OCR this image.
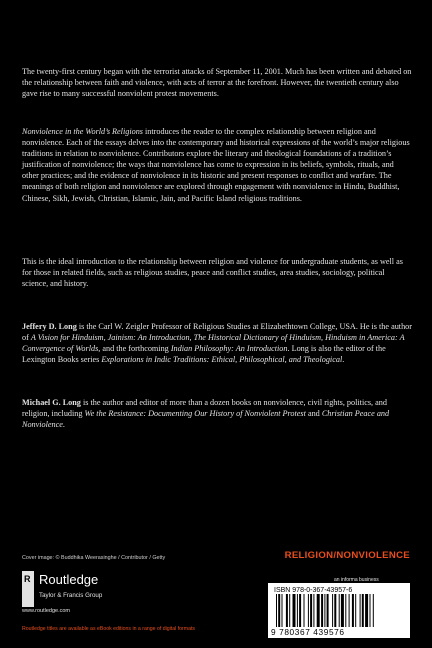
The twenty-first century began with the terrorist attacks of September 11, 2001. Much has been written and debated on the relationship between faith and violence, with acts of terror at the forefront. However, the twentieth century also gave rise to many successful nonviolent protest movements.

Nonviolence in the World’s Religions introduces the reader to the complex relationship between religion and nonviolence. Each of the essays delves into the contemporary and historical expressions of the world’s major religious traditions in relation to nonviolence. Contributors explore the literary and theological foundations of a tradition’s justification of nonviolence; the ways that nonviolence has come to expression in its beliefs, symbols, rituals, and other practices; and the evidence of nonviolence in its historic and present responses to conflict and warfare. The meanings of both religion and nonviolence are explored through engagement with nonviolence in Hindu, Buddhist, Chinese, Sikh, Jewish, Christian, Islamic, Jain, and Pacific Island religious traditions.

This is the ideal introduction to the relationship between religion and violence for undergraduate students, as well as for those in related fields, such as religious studies, peace and conflict studies, area studies, sociology, political science, and history.

Jeffery D. Long is the Carl W. Zeigler Professor of Religious Studies at Elizabethtown College, USA. He is the author of A Vision for Hinduism, Jainism: An Introduction, The Historical Dictionary of Hinduism, Hinduism in America: A Convergence of Worlds, and the forthcoming Indian Philosophy: An Introduction. Long is also the editor of the Lexington Books series Explorations in Indic Traditions: Ethical, Philosophical, and Theological.

Michael G. Long is the author and editor of more than a dozen books on nonviolence, civil rights, politics, and religion, including We the Resistance: Documenting Our History of Nonviolent Protest and Christian Peace and Nonviolence.

Cover image: © Buddhika Weerasinghe / Contributor / Getty	RELIGION/NONVIOLENCE
R Routledge
Taylor & Francis Group
www.routledge.com
Routledge titles are available as eBook editions in a range of digital formats
an informa business
ISBN 978-0-367-43957-6
9 780367 439576
